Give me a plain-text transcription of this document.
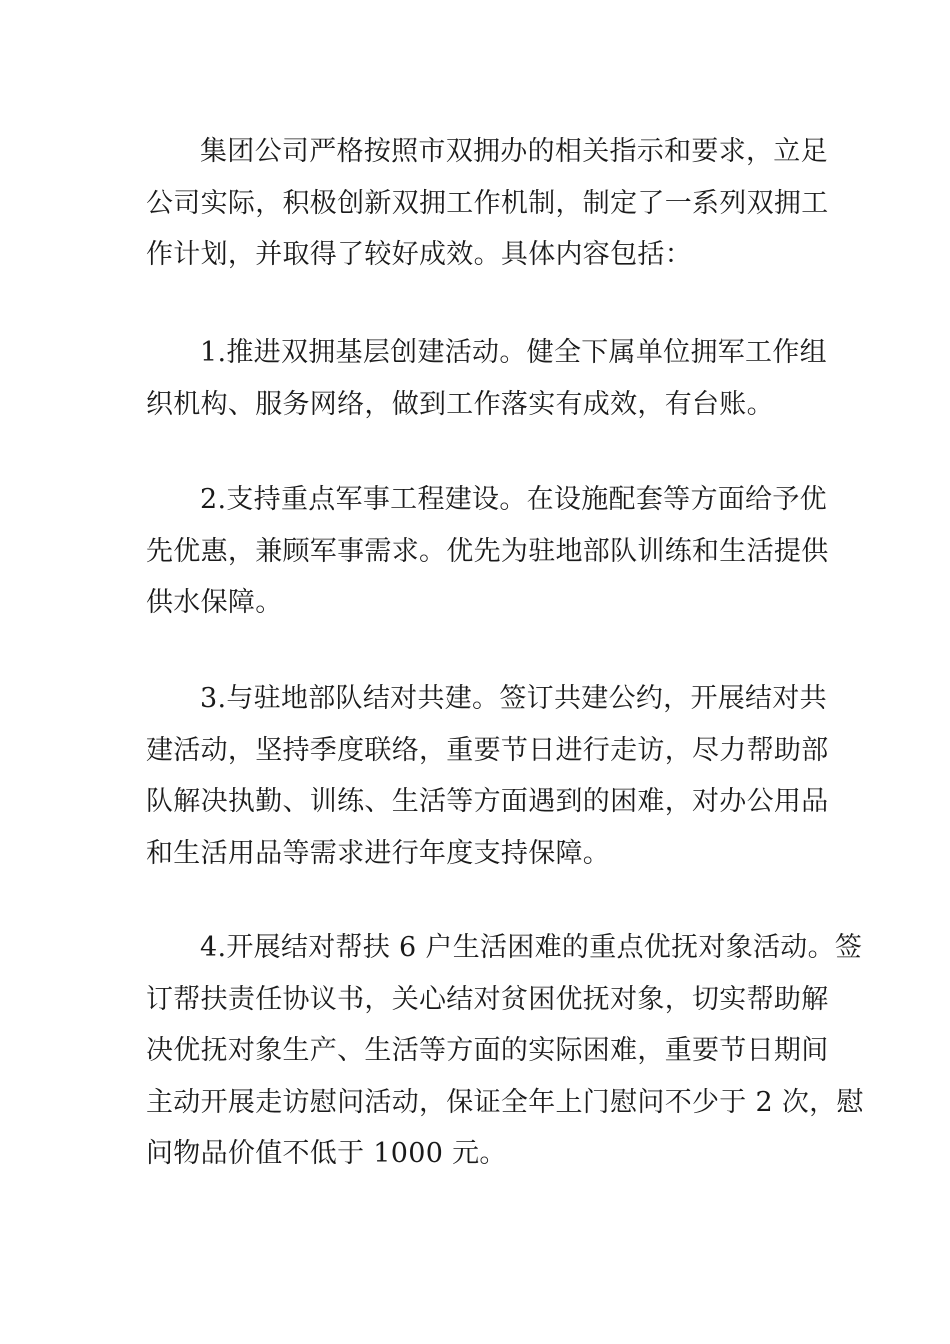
集团公司严格按照市双拥办的相关指示和要求，立足
公司实际，积极创新双拥工作机制，制定了一系列双拥工
作计划，并取得了较好成效。具体内容包括：
1.推进双拥基层创建活动。健全下属单位拥军工作组
织机构、服务网络，做到工作落实有成效，有台账。
2.支持重点军事工程建设。在设施配套等方面给予优
先优惠，兼顾军事需求。优先为驻地部队训练和生活提供
供水保障。
3.与驻地部队结对共建。签订共建公约，开展结对共
建活动，坚持季度联络，重要节日进行走访，尽力帮助部
队解决执勤、训练、生活等方面遇到的困难，对办公用品
和生活用品等需求进行年度支持保障。
4.开展结对帮扶 6 户生活困难的重点优抚对象活动。签
订帮扶责任协议书，关心结对贫困优抚对象，切实帮助解
决优抚对象生产、生活等方面的实际困难，重要节日期间
主动开展走访慰问活动，保证全年上门慰问不少于 2 次，慰
问物品价值不低于 1000 元。
